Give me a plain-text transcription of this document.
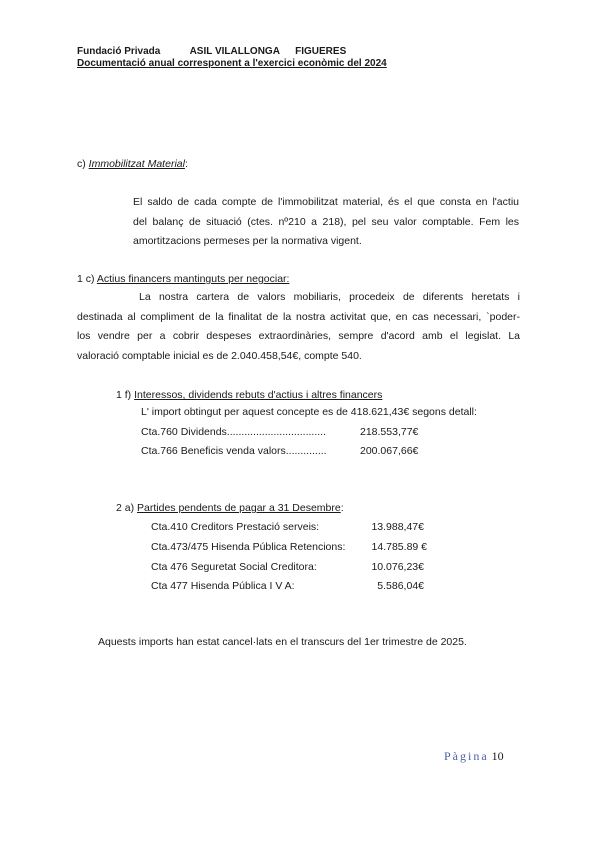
Fundació Privada	ASIL VILALLONGA FIGUERES
Documentació anual corresponent a l'exercici econòmic del 2024
c) Immobilitzat Material:
El saldo de cada compte de l'immobilitzat material, és el que consta en l'actiu
del balanç de situació (ctes. nº210 a 218), pel seu valor comptable. Fem les
amortitzacions permeses per la normativa vigent.
1 c) Actius financers mantinguts per negociar:
La nostra cartera de valors mobiliaris, procedeix de diferents heretats i
destinada al compliment de la finalitat de la nostra activitat que, en cas necessari, `poder-
los vendre per a cobrir despeses extraordinàries, sempre d'acord amb el legislat. La
valoració comptable inicial es de 2.040.458,54€, compte 540.
1 f) Interessos, dividends rebuts d'actius i altres financers
L' import obtingut per aquest concepte es de 418.621,43€ segons detall:
Cta.760 Dividends..................................	218.553,77€
Cta.766 Beneficis venda valors..............	200.067,66€
2 a) Partides pendents de pagar a 31 Desembre:
Cta.410 Creditors Prestació serveis:	13.988,47€
Cta.473/475 Hisenda Pública Retencions: 14.785.89 €
Cta 476 Seguretat Social Creditora:	10.076,23€
Cta 477 Hisenda Pública I V A:	5.586,04€
Aquests imports han estat cancel·lats en el transcurs del 1er trimestre de 2025.
Pàgina 10
